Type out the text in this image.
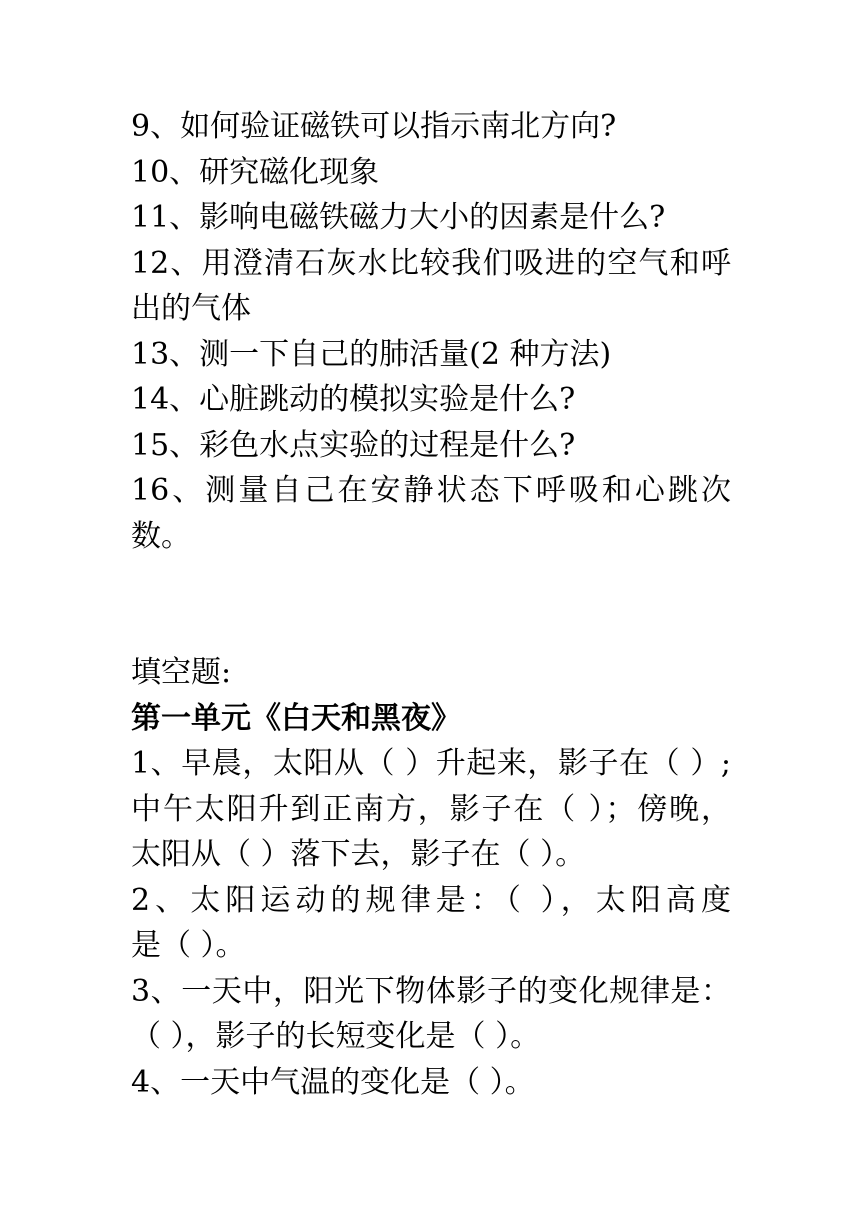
9、如何验证磁铁可以指示南北方向?
10、研究磁化现象
11、影响电磁铁磁力大小的因素是什么?
12、用澄清石灰水比较我们吸进的空气和呼
出的气体
13、测一下自己的肺活量(2 种方法)
14、心脏跳动的模拟实验是什么?
15、彩色水点实验的过程是什么?
16、测量自己在安静状态下呼吸和心跳次
数。
填空题:
第一单元《白天和黑夜》
1、早晨，太阳从（ ）升起来，影子在（ ）;
中午太阳升到正南方，影子在（ ）；傍晚，
太阳从（ ）落下去，影子在（ ）。
2、太阳运动的规律是：（ ），太阳高度
是（ ）。
3、一天中，阳光下物体影子的变化规律是：
（ ），影子的长短变化是（ ）。
4、一天中气温的变化是（ ）。
